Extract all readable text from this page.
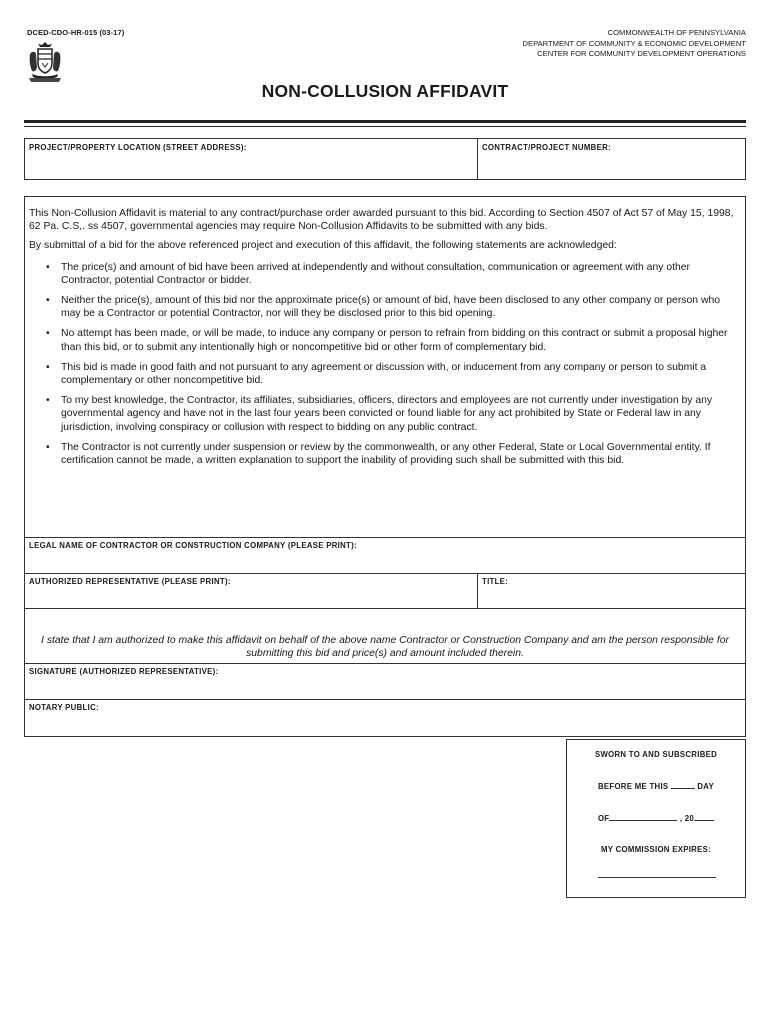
DCED-CDO-HR-015 (03-17)	COMMONWEALTH OF PENNSYLVANIA
DEPARTMENT OF COMMUNITY & ECONOMIC DEVELOPMENT
CENTER FOR COMMUNITY DEVELOPMENT OPERATIONS
NON-COLLUSION AFFIDAVIT
PROJECT/PROPERTY LOCATION (STREET ADDRESS):	CONTRACT/PROJECT NUMBER:

This Non-Collusion Affidavit is material to any contract/purchase order awarded pursuant to this bid. According to Section 4507 of Act 57 of May 15, 1998, 62 Pa. C.S,. ss 4507, governmental agencies may require Non-Collusion Affidavits to be submitted with any bids.

By submittal of a bid for the above referenced project and execution of this affidavit, the following statements are acknowledged:

• The price(s) and amount of bid have been arrived at independently and without consultation, communication or agreement with any other Contractor, potential Contractor or bidder.
• Neither the price(s), amount of this bid nor the approximate price(s) or amount of bid, have been disclosed to any other company or person who may be a Contractor or potential Contractor, nor will they be disclosed prior to this bid opening.
• No attempt has been made, or will be made, to induce any company or person to refrain from bidding on this contract or submit a proposal higher than this bid, or to submit any intentionally high or noncompetitive bid or other form of complementary bid.
• This bid is made in good faith and not pursuant to any agreement or discussion with, or inducement from any company or person to submit a complementary or other noncompetitive bid.
• To my best knowledge, the Contractor, its affiliates, subsidiaries, officers, directors and employees are not currently under investigation by any governmental agency and have not in the last four years been convicted or found liable for any act prohibited by State or Federal law in any jurisdiction, involving conspiracy or collusion with respect to bidding on any public contract.
• The Contractor is not currently under suspension or review by the commonwealth, or any other Federal, State or Local Governmental entity. If certification cannot be made, a written explanation to support the inability of providing such shall be submitted with this bid.
LEGAL NAME OF CONTRACTOR OR CONSTRUCTION COMPANY (PLEASE PRINT):
AUTHORIZED REPRESENTATIVE (PLEASE PRINT):	TITLE:
I state that I am authorized to make this affidavit on behalf of the above name Contractor or Construction Company and am the person responsible for submitting this bid and price(s) and amount included therein.
SIGNATURE (AUTHORIZED REPRESENTATIVE):
NOTARY PUBLIC:
SWORN TO AND SUBSCRIBED
BEFORE ME THIS	DAY
OF	, 20
MY COMMISSION EXPIRES:
